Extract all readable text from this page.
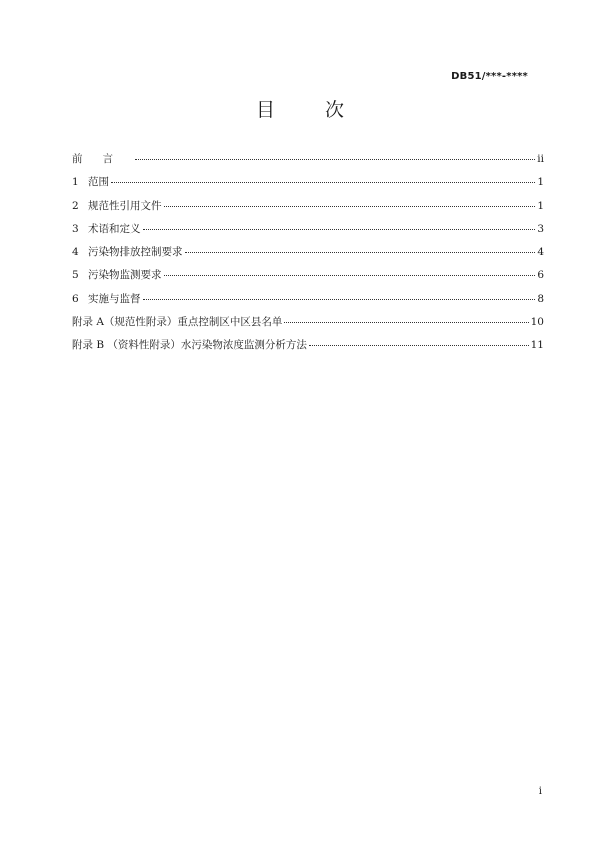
DB51/***-****
目 次
前言	ii
1 范围	1
2 规范性引用文件	1
3 术语和定义	3
4 污染物排放控制要求	4
5 污染物监测要求	6
6 实施与监督	8
附录 A（规范性附录）重点控制区中区县名单	10
附录 B （资料性附录）水污染物浓度监测分析方法	11
i
